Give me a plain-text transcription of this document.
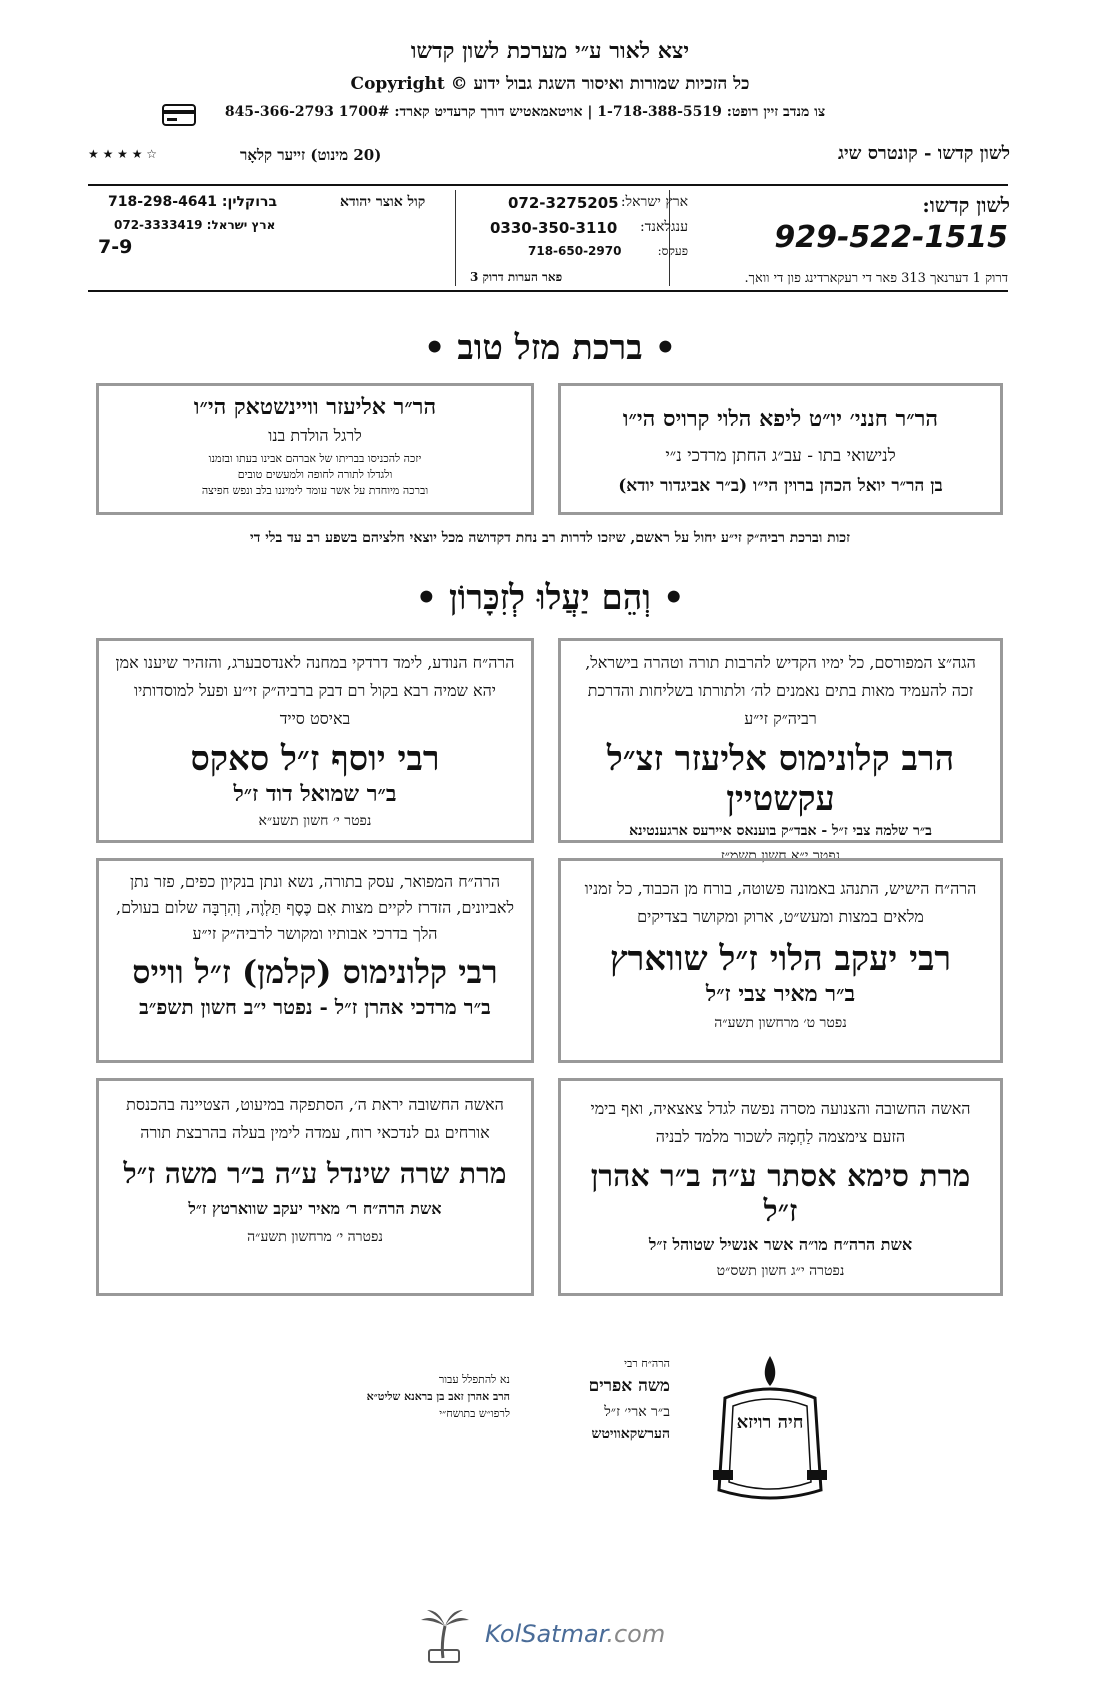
יצא לאור ע״י מערכת לשון קדשו
כל הזכיות שמורות ואיסור השגת גבול ידוע © Copyright
צו מנדב זיין רופט: 1-718-388-5519 | אויטאמאטיש דורך קרעדיט קארד: 1700# 845-366-2793
לשון קדשו - קונטרס שיג
(20 מינוט) זייער קלאָר
★ ★ ★ ★ ☆
לשון קדשו:
929-522-1515
דרוק 1 דערנאך 313 פאר די רעקארדינג פון די וואך.
פאר הערות דרוק 3
ארץ ישראל:
072-3275205
ענגלאנד:
0330-350-3110
פעקס:
718-650-2970
קול אוצר יהודא
ברוקלין: 718-298-4641
ארץ ישראל: 072-3333419
7-9
• ברכת מזל טוב •
הר״ר חנני׳ יו״ט ליפא הלוי קרויס הי״ו
לנישואי בתו - עב״ג החתן מרדכי נ״י
בן הר״ר יואל הכהן ברוין הי״ו (ב״ר אביגדור יודא)
הר״ר אליעזר וויינשטאק הי״ו
לרגל הולדת בנו
יזכה להכניסו בבריתו של אברהם אבינו בעתו ובזמנו
ולגדלו לתורה לחופה ולמעשים טובים
וברכה מיוחדת על אשר עומד לימיננו בלב ונפש חפיצה
זכות וברכת רביה״ק זי״ע יחול על ראשם, שיזכו לדרות רב נחת דקדושה מכל יוצאי חלציהם בשפע רב עד בלי די
• וְהֵם יַעֲלוּ לְזִכָּרוֹן •
הגה״צ המפורסם, כל ימיו הקדיש להרבות תורה וטהרה בישראל, זכה להעמיד מאות בתים נאמנים לה׳ ולתורתו בשליחות והדרכת רביה״ק זי״ע
הרב קלונימוס אליעזר זצ״ל עקשטיין
ב״ר שלמה צבי ז״ל - אבד״ק בוענאס איירעס ארגענטינא
נפטר י״א חשון תשמ״ז
הרה״ח הנודע, לימד דרדקי במחנה לאנדסבערג, והזהיר שיענו אמן יהא שמיה רבא בקול רם דבק ברביה״ק זי״ע ופעל למוסדותיו באיסט סייד
רבי יוסף ז״ל סאקס
ב״ר שמואל דוד ז״ל
נפטר י׳ חשון תשע״א
הרה״ח הישיש, התנהג באמונה פשוטה, בורח מן הכבוד, כל זמניו מלאים במצות ומעש״ט, ארוק ומקושר בצדיקים
רבי יעקב הלוי ז״ל שווארץ
ב״ר מאיר צבי ז״ל
נפטר ט׳ מרחשון תשע״ה
הרה״ח המפואר, עסק בתורה, נשא ונתן בנקיון כפים, פזר נתן לאביונים, הזדרז לקיים מצות אִם כֶּסֶף תַּלְוֶה, וְהִרְבָּה שלום בעולם, הלך בדרכי אבותיו ומקושר לרביה״ק זי״ע
רבי קלונימוס (קלמן) ז״ל ווייס
ב״ר מרדכי אהרן ז״ל - נפטר י״ב חשון תשפ״ב
האשה החשובה והצנועה מסרה נפשה לגדל צאצאיה, ואף בימי הזעם צימצמה לַחְמָהּ לשכור מלמד לבניה
מרת סימא אסתר ע״ה ב״ר אהרן ז״ל
אשת הרה״ח מו״ה אשר אנשיל שטוהל ז״ל
נפטרה י״ג חשון תשס״ט
האשה החשובה יראת ה׳, הסתפקה במיעוט, הצטיינה בהכנסת אורחים גם לנדכאי רוח, עמדה לימין בעלה בהרבצת תורה
מרת שרה שינדל ע״ה ב״ר משה ז״ל
אשת הרה״ח ר׳ מאיר יעקב שווארטץ ז״ל
נפטרה י׳ מרחשון תשע״ה
חיה רויזא
הרה״ח רבי
משה אפרים
ב״ר ארי׳ ז״ל
הערשקאוויטש
נא להתפלל עבור
הרב אהרן זאב בן בראנא שליט״א
לרפו״ש בתושח״י
KolSatmar.com
